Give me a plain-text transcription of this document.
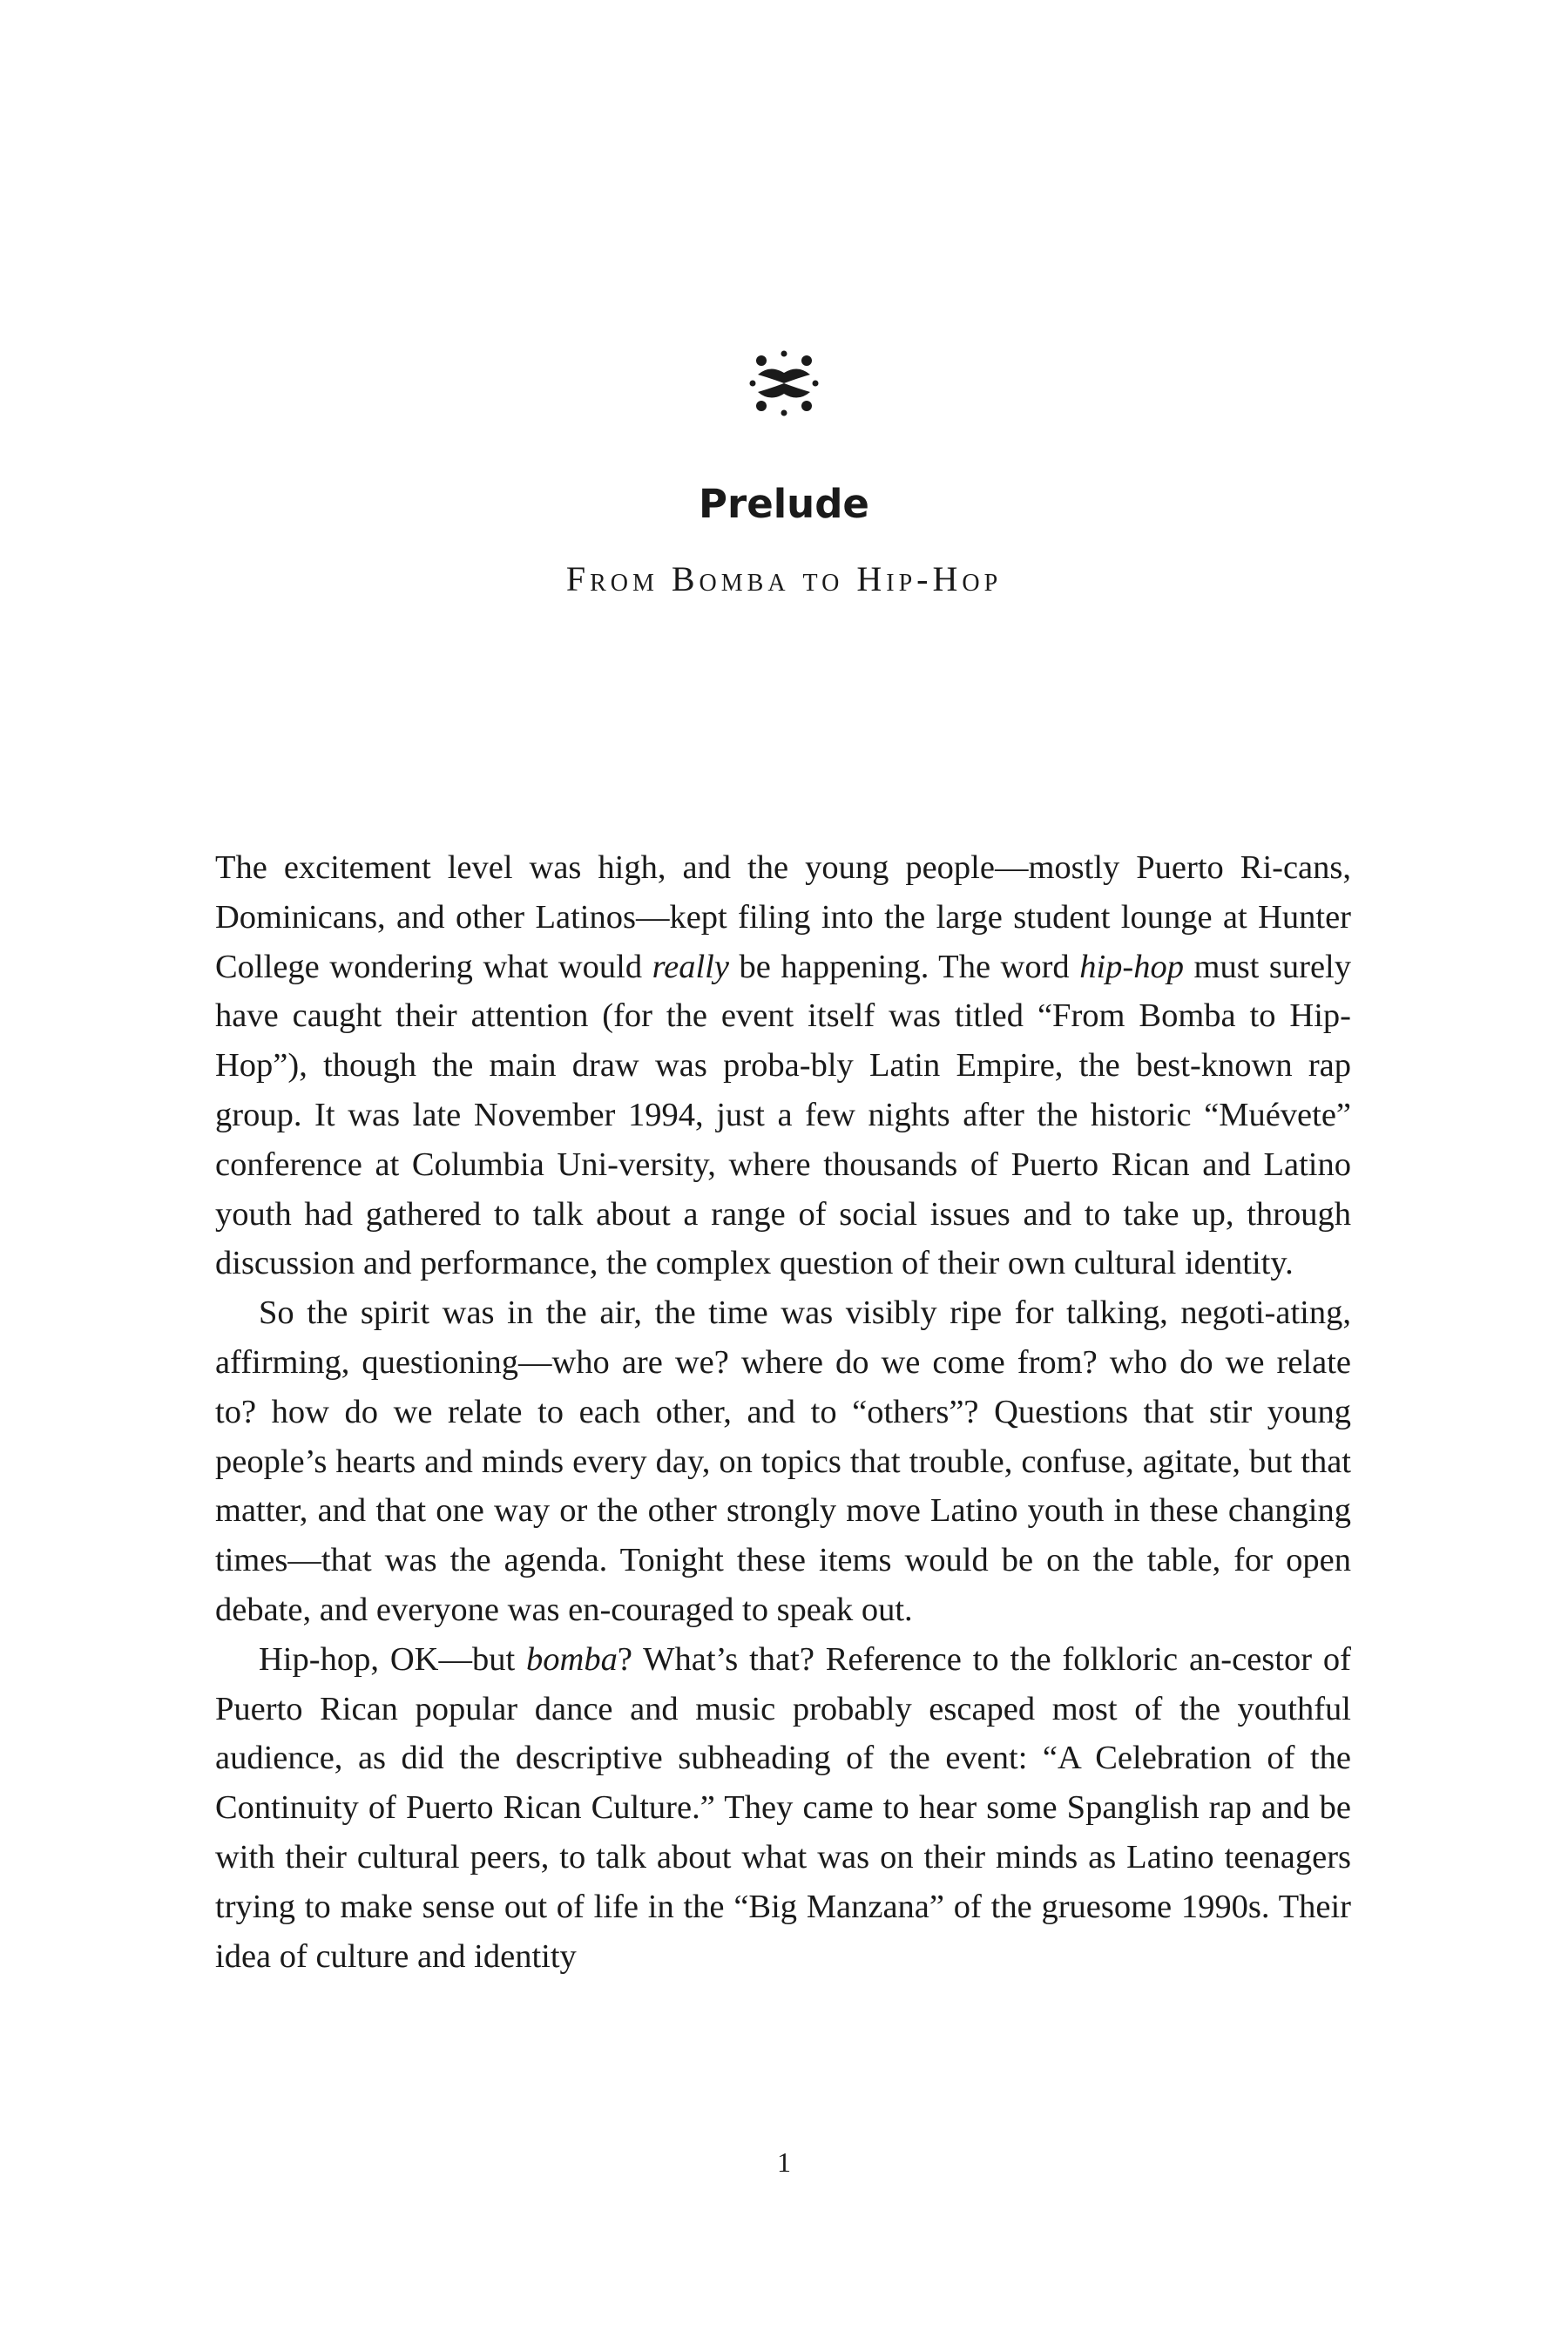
Prelude
From Bomba to Hip-Hop

The excitement level was high, and the young people—mostly Puerto Ri-cans, Dominicans, and other Latinos—kept filing into the large student lounge at Hunter College wondering what would really be happening. The word hip-hop must surely have caught their attention (for the event itself was titled “From Bomba to Hip-Hop”), though the main draw was proba-bly Latin Empire, the best-known rap group. It was late November 1994, just a few nights after the historic “Muévete” conference at Columbia Uni-versity, where thousands of Puerto Rican and Latino youth had gathered to talk about a range of social issues and to take up, through discussion and performance, the complex question of their own cultural identity.

So the spirit was in the air, the time was visibly ripe for talking, negoti-ating, affirming, questioning—who are we? where do we come from? who do we relate to? how do we relate to each other, and to “others”? Questions that stir young people’s hearts and minds every day, on topics that trouble, confuse, agitate, but that matter, and that one way or the other strongly move Latino youth in these changing times—that was the agenda. Tonight these items would be on the table, for open debate, and everyone was en-couraged to speak out.

Hip-hop, OK—but bomba? What’s that? Reference to the folkloric an-cestor of Puerto Rican popular dance and music probably escaped most of the youthful audience, as did the descriptive subheading of the event: “A Celebration of the Continuity of Puerto Rican Culture.” They came to hear some Spanglish rap and be with their cultural peers, to talk about what was on their minds as Latino teenagers trying to make sense out of life in the “Big Manzana” of the gruesome 1990s. Their idea of culture and identity

1
